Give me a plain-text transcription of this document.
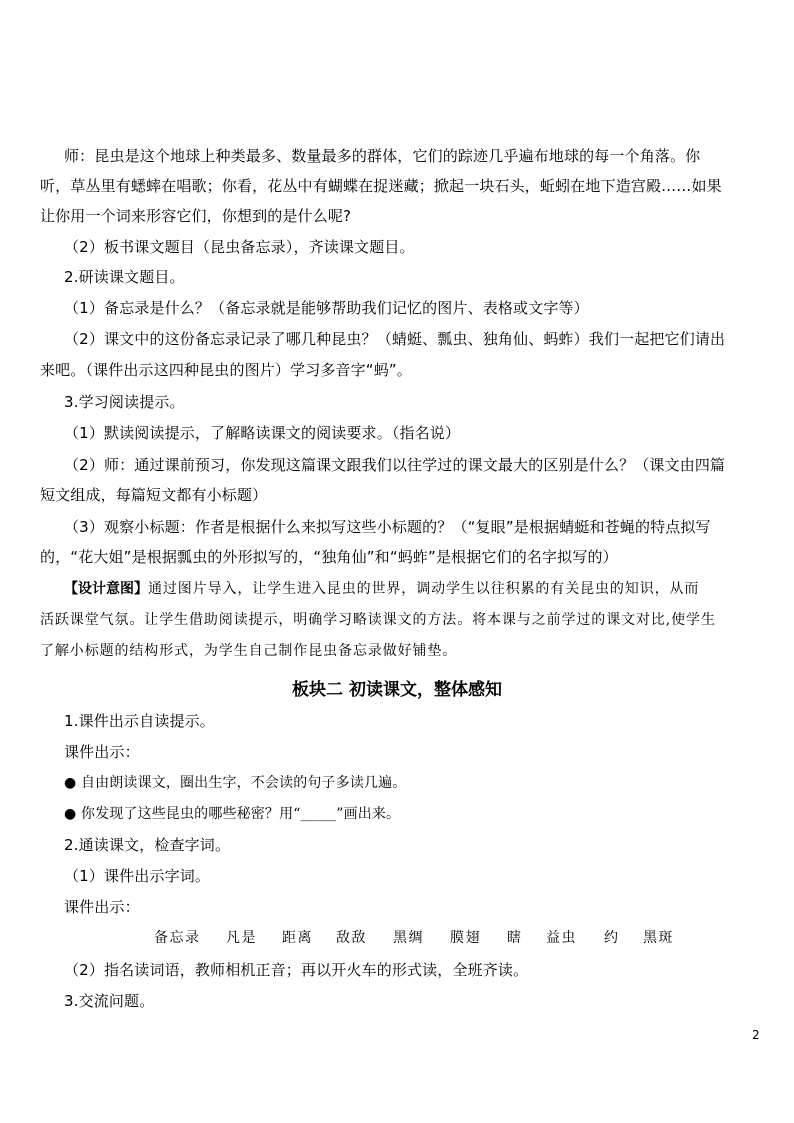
师：昆虫是这个地球上种类最多、数量最多的群体，它们的踪迹几乎遍布地球的每一个角落。你
听，草丛里有蟋蟀在唱歌；你看，花丛中有蝴蝶在捉迷藏；掀起一块石头，蚯蚓在地下造宫殿……如果
让你用一个词来形容它们，你想到的是什么呢?
（2）板书课文题目（昆虫备忘录），齐读课文题目。
2.研读课文题目。
（1）备忘录是什么？（备忘录就是能够帮助我们记忆的图片、表格或文字等）
（2）课文中的这份备忘录记录了哪几种昆虫？（蜻蜓、瓢虫、独角仙、蚂蚱）我们一起把它们请出
来吧。（课件出示这四种昆虫的图片）学习多音字“蚂”。
3.学习阅读提示。
（1）默读阅读提示，了解略读课文的阅读要求。（指名说）
（2）师：通过课前预习，你发现这篇课文跟我们以往学过的课文最大的区别是什么？（课文由四篇
短文组成，每篇短文都有小标题）
（3）观察小标题：作者是根据什么来拟写这些小标题的？（“复眼”是根据蜻蜓和苍蝇的特点拟写
的，“花大姐”是根据瓢虫的外形拟写的，“独角仙”和“蚂蚱”是根据它们的名字拟写的）
【设计意图】通过图片导入，让学生进入昆虫的世界，调动学生以往积累的有关昆虫的知识，从而
活跃课堂气氛。让学生借助阅读提示，明确学习略读课文的方法。将本课与之前学过的课文对比,使学生
了解小标题的结构形式，为学生自己制作昆虫备忘录做好铺垫。
板块二 初读课文，整体感知
1.课件出示自读提示。
课件出示：
● 自由朗读课文，圈出生字，不会读的句子多读几遍。
● 你发现了这些昆虫的哪些秘密？用“_____”画出来。
2.通读课文，检查字词。
（1）课件出示字词。
课件出示：
备忘录 凡是 距离 敌敌 黑绸 膜翅 瞎 益虫 约 黑斑
（2）指名读词语，教师相机正音；再以开火车的形式读，全班齐读。
3.交流问题。
2
